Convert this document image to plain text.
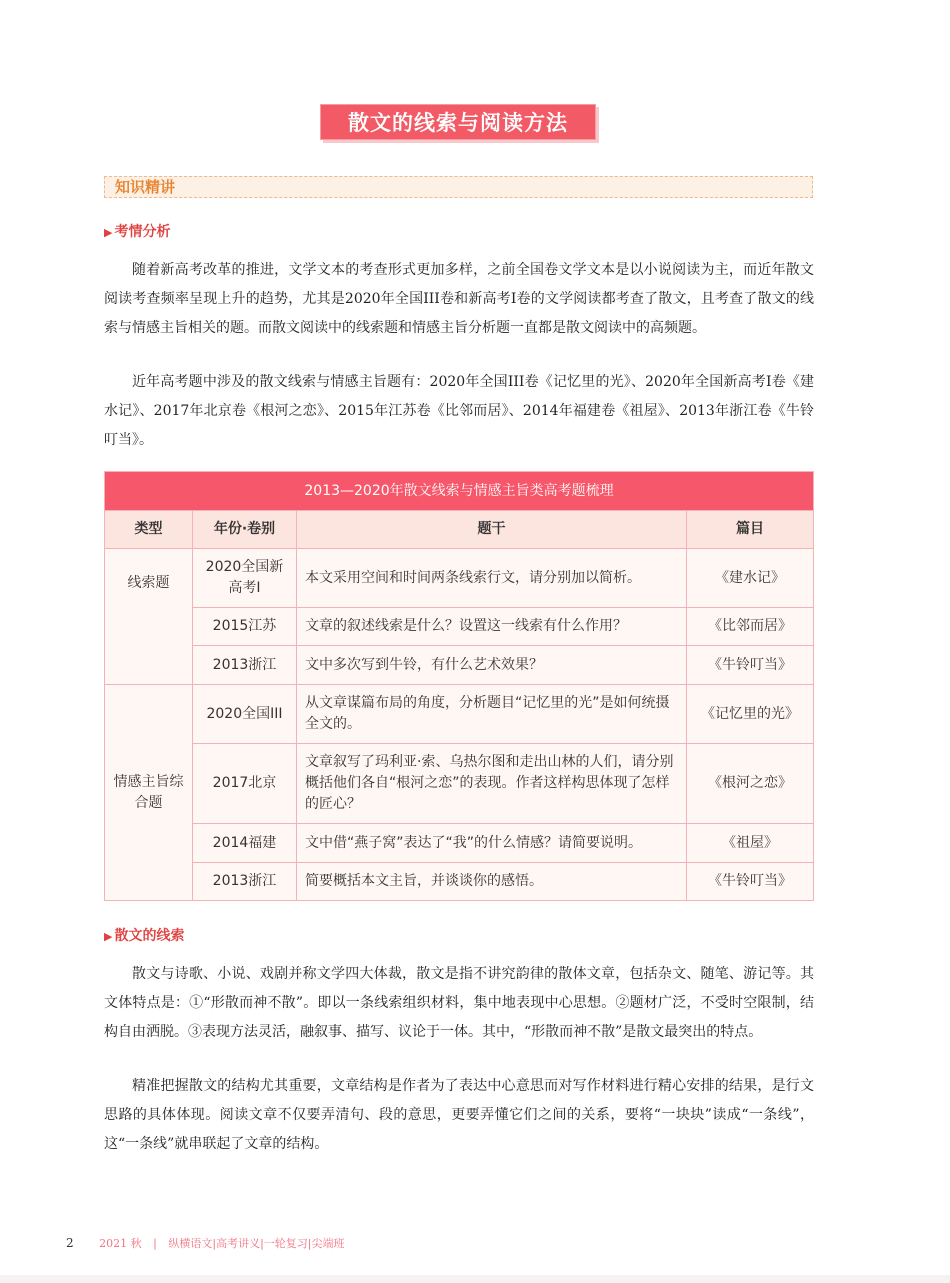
散文的线索与阅读方法
知识精讲
▶ 考情分析

随着新高考改革的推进，文学文本的考查形式更加多样，之前全国卷文学文本是以小说阅读为主，而近年散文阅读考查频率呈现上升的趋势，尤其是2020年全国III卷和新高考I卷的文学阅读都考查了散文，且考查了散文的线索与情感主旨相关的题。而散文阅读中的线索题和情感主旨分析题一直都是散文阅读中的高频题。

近年高考题中涉及的散文线索与情感主旨题有：2020年全国III卷《记忆里的光》、2020年全国新高考I卷《建水记》、2017年北京卷《根河之恋》、2015年江苏卷《比邻而居》、2014年福建卷《祖屋》、2013年浙江卷《牛铃叮当》。

2013—2020年散文线索与情感主旨类高考题梳理			
类型	年份·卷别	题干	篇目
线索题	2020全国新高考I	本文采用空间和时间两条线索行文，请分别加以简析。	《建水记》
	2015江苏	文章的叙述线索是什么？设置这一线索有什么作用？	《比邻而居》
	2013浙江	文中多次写到牛铃，有什么艺术效果？	《牛铃叮当》
情感主旨综合题	2020全国III	从文章谋篇布局的角度，分析题目“记忆里的光”是如何统摄全文的。	《记忆里的光》
	2017北京	文章叙写了玛利亚·索、乌热尔图和走出山林的人们，请分别概括他们各自“根河之恋”的表现。作者这样构思体现了怎样的匠心？	《根河之恋》
	2014福建	文中借“燕子窝”表达了“我”的什么情感？请简要说明。	《祖屋》
	2013浙江	简要概括本文主旨，并谈谈你的感悟。	《牛铃叮当》
▶ 散文的线索

散文与诗歌、小说、戏剧并称文学四大体裁，散文是指不讲究韵律的散体文章，包括杂文、随笔、游记等。其文体特点是：①“形散而神不散”。即以一条线索组织材料，集中地表现中心思想。②题材广泛，不受时空限制，结构自由洒脱。③表现方法灵活，融叙事、描写、议论于一体。其中，“形散而神不散”是散文最突出的特点。

精准把握散文的结构尤其重要，文章结构是作者为了表达中心意思而对写作材料进行精心安排的结果，是行文思路的具体体现。阅读文章不仅要弄清句、段的意思，更要弄懂它们之间的关系，要将“一块块”读成“一条线”，这“一条线”就串联起了文章的结构。

2 2021 秋 | 纵横语文|高考讲义|一轮复习|尖端班
